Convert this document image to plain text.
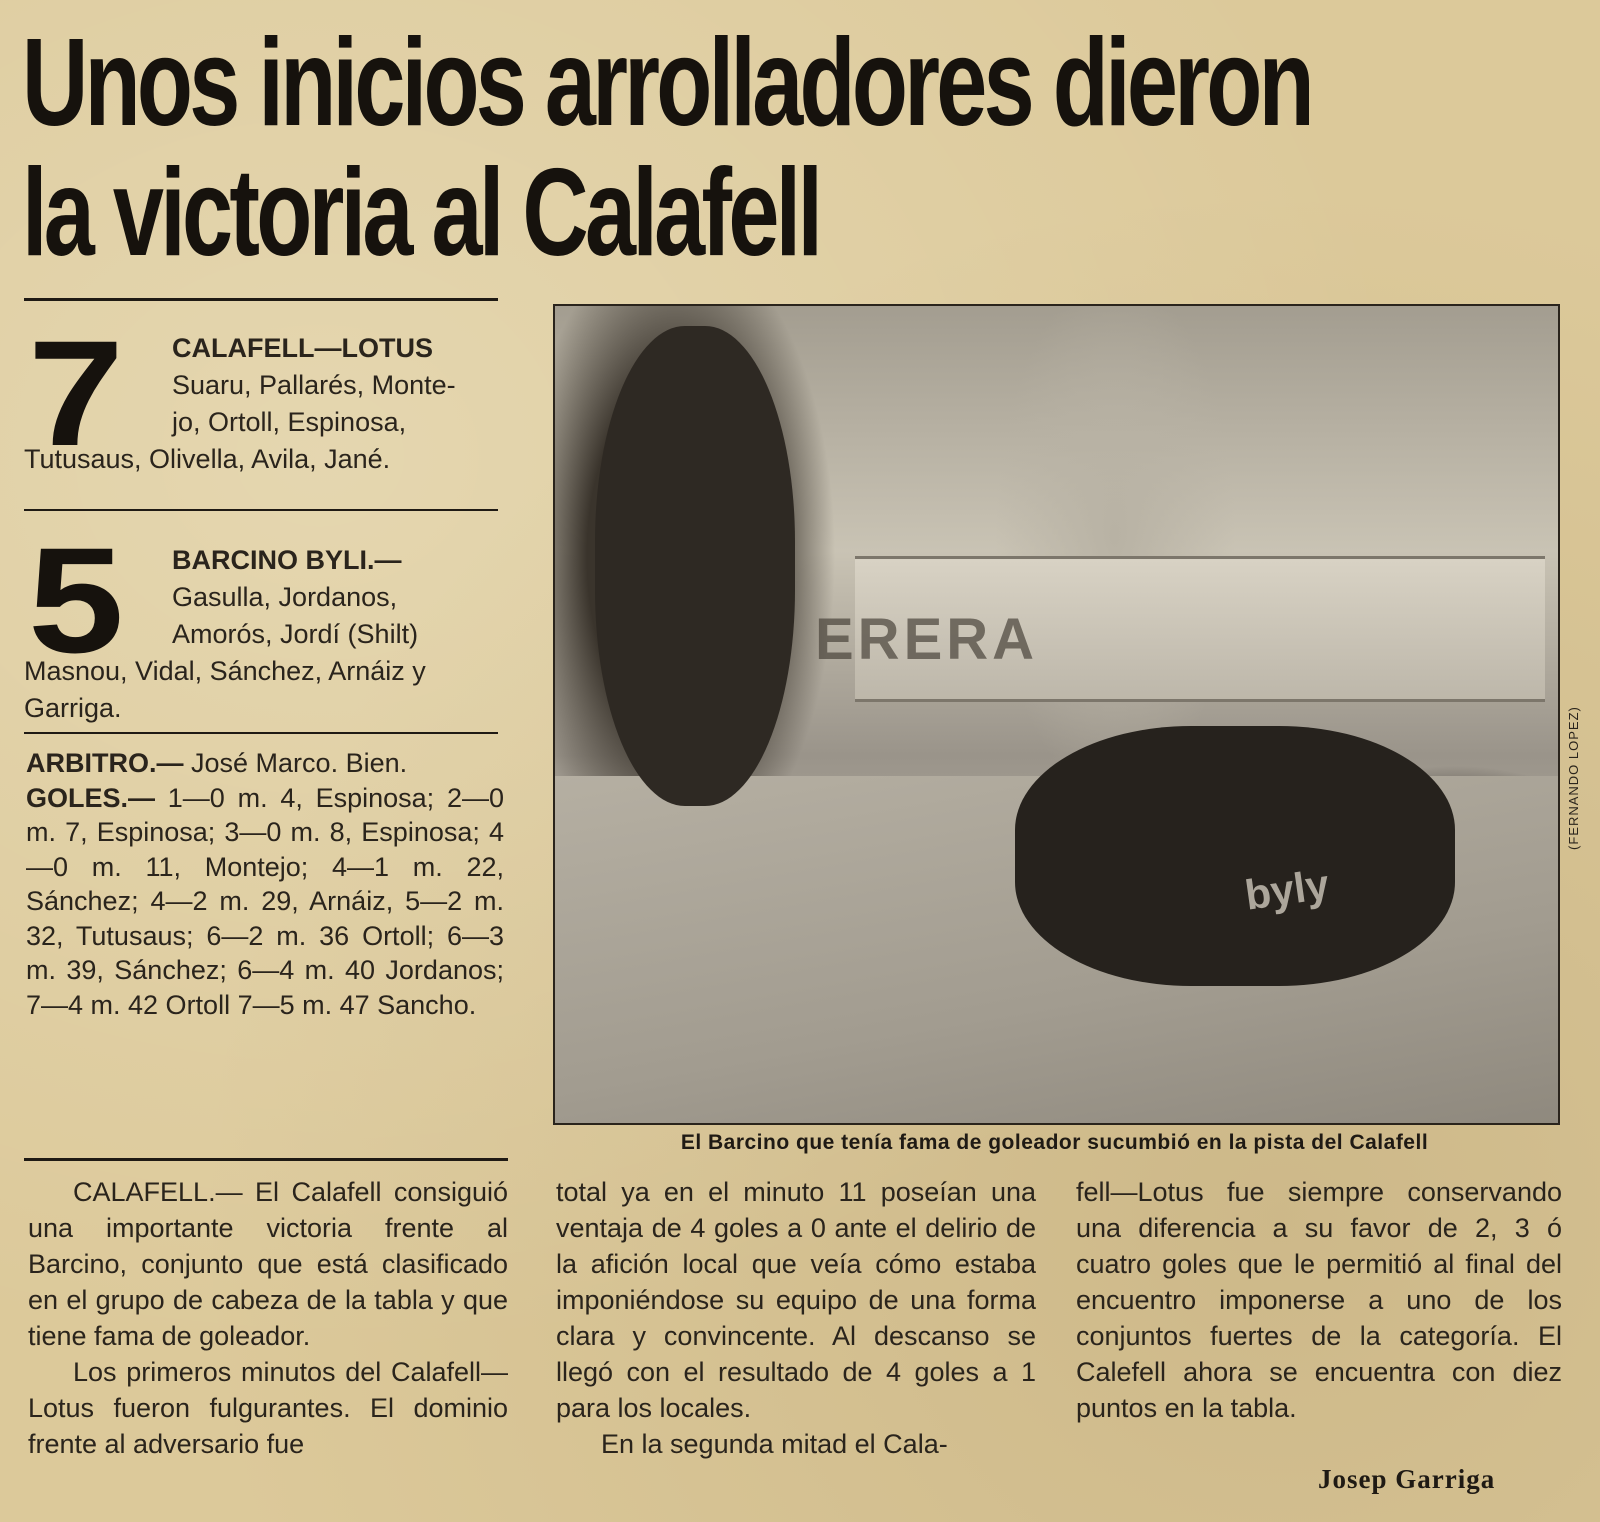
Unos inicios arrolladores dieron
la victoria al Calafell
7	CALAFELL—LOTUS
Suaru, Pallarés, Monte-
jo, Ortoll, Espinosa,
Tutusaus, Olivella, Avila, Jané.
5	BARCINO BYLI.—
Gasulla, Jordanos,
Amorós, Jordí (Shilt)
Masnou, Vidal, Sánchez, Arnáiz y
Garriga.
ARBITRO.— José Marco. Bien.
GOLES.— 1—0 m. 4, Espinosa; 2—0 m. 7, Espinosa; 3—0 m. 8, Espinosa; 4—0 m. 11, Montejo; 4—1 m. 22, Sánchez; 4—2 m. 29, Arnáiz, 5—2 m. 32, Tutusaus; 6—2 m. 36 Ortoll; 6—3 m. 39, Sánchez; 6—4 m. 40 Jordanos; 7—4 m. 42 Ortoll 7—5 m. 47 Sancho.
ERERA
byly
(FERNANDO LOPEZ)
El Barcino que tenía fama de goleador sucumbió en la pista del Calafell

CALAFELL.— El Calafell consiguió una importante victoria frente al Barcino, conjunto que está clasificado en el grupo de cabeza de la tabla y que tiene fama de goleador.

Los primeros minutos del Calafell—Lotus fueron fulgurantes. El dominio frente al adversario fue

total ya en el minuto 11 poseían una ventaja de 4 goles a 0 ante el delirio de la afición local que veía cómo estaba imponiéndose su equipo de una forma clara y convincente. Al descanso se llegó con el resultado de 4 goles a 1 para los locales.

En la segunda mitad el Cala-

fell—Lotus fue siempre conservando una diferencia a su favor de 2, 3 ó cuatro goles que le permitió al final del encuentro imponerse a uno de los conjuntos fuertes de la categoría. El Calefell ahora se encuentra con diez puntos en la tabla.

Josep Garriga
